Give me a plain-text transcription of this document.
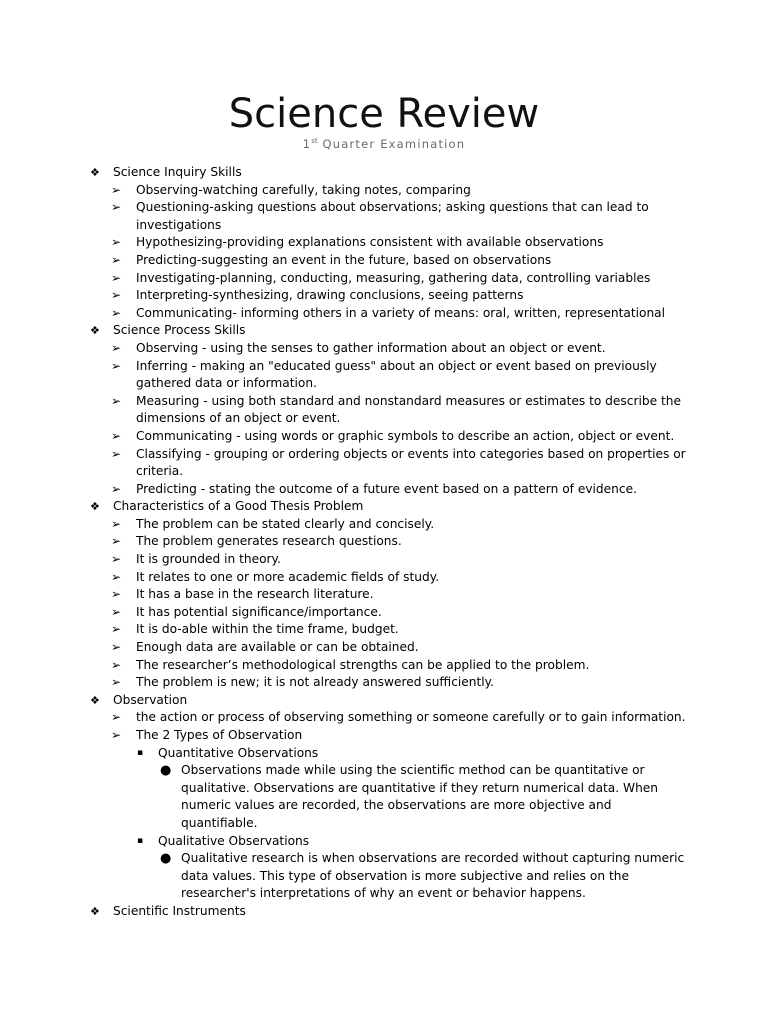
Science Review
1st Quarter Examination
❖ Science Inquiry Skills
➢ Observing-watching carefully, taking notes, comparing
➢ Questioning-asking questions about observations; asking questions that can lead to investigations
➢ Hypothesizing-providing explanations consistent with available observations
➢ Predicting-suggesting an event in the future, based on observations
➢ Investigating-planning, conducting, measuring, gathering data, controlling variables
➢ Interpreting-synthesizing, drawing conclusions, seeing patterns
➢ Communicating- informing others in a variety of means: oral, written, representational
❖ Science Process Skills
➢ Observing - using the senses to gather information about an object or event.
➢ Inferring - making an "educated guess" about an object or event based on previously gathered data or information.
➢ Measuring - using both standard and nonstandard measures or estimates to describe the dimensions of an object or event.
➢ Communicating - using words or graphic symbols to describe an action, object or event.
➢ Classifying - grouping or ordering objects or events into categories based on properties or criteria.
➢ Predicting - stating the outcome of a future event based on a pattern of evidence.
❖ Characteristics of a Good Thesis Problem
➢ The problem can be stated clearly and concisely.
➢ The problem generates research questions.
➢ It is grounded in theory.
➢ It relates to one or more academic fields of study.
➢ It has a base in the research literature.
➢ It has potential significance/importance.
➢ It is do-able within the time frame, budget.
➢ Enough data are available or can be obtained.
➢ The researcher’s methodological strengths can be applied to the problem.
➢ The problem is new; it is not already answered sufficiently.
❖ Observation
➢ the action or process of observing something or someone carefully or to gain information.
➢ The 2 Types of Observation
▪ Quantitative Observations
● Observations made while using the scientific method can be quantitative or qualitative. Observations are quantitative if they return numerical data. When numeric values are recorded, the observations are more objective and quantifiable.
▪ Qualitative Observations
● Qualitative research is when observations are recorded without capturing numeric data values. This type of observation is more subjective and relies on the researcher's interpretations of why an event or behavior happens.
❖ Scientific Instruments
